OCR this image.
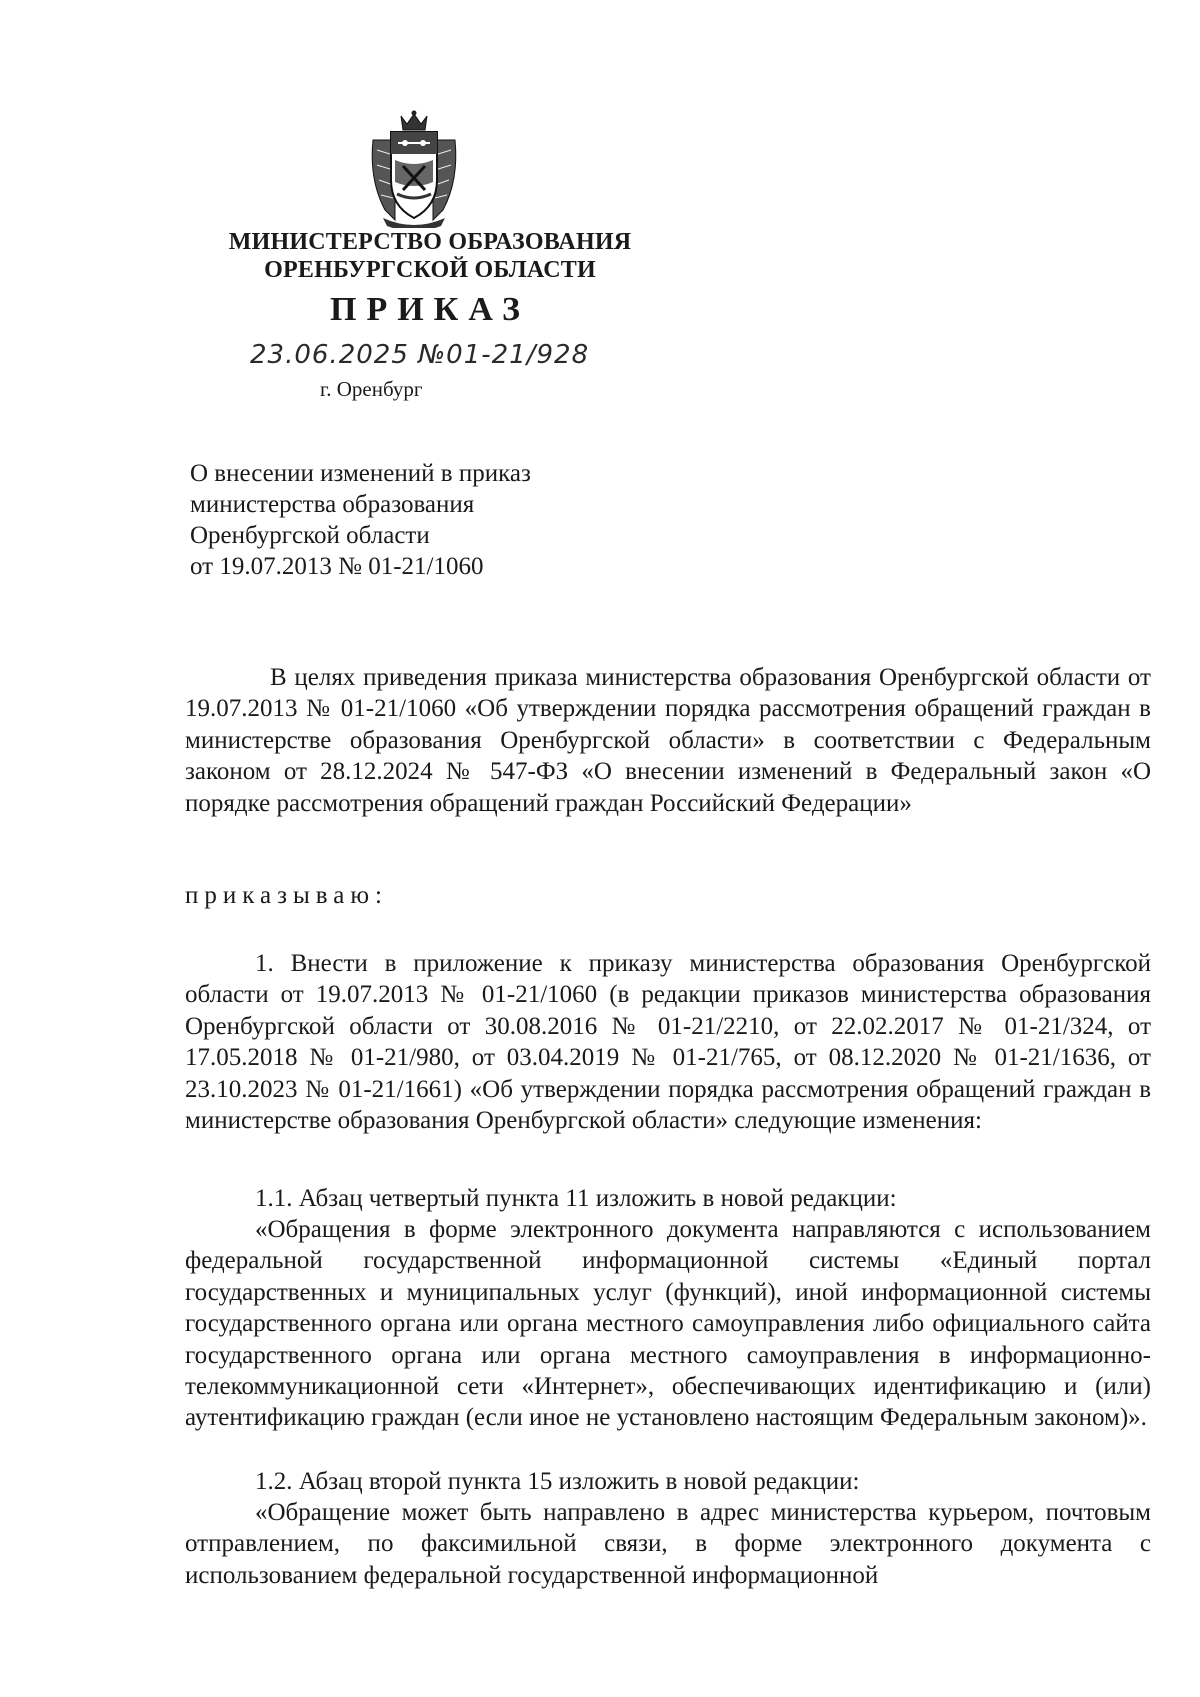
МИНИСТЕРСТВО ОБРАЗОВАНИЯ
ОРЕНБУРГСКОЙ ОБЛАСТИ
ПРИКАЗ
23.06.2025 №01-21/928
г. Оренбург
О внесении изменений в приказ
министерства образования
Оренбургской области
от 19.07.2013 № 01-21/1060
В целях приведения приказа министерства образования Оренбургской области от 19.07.2013 № 01-21/1060 «Об утверждении порядка рассмотрения обращений граждан в министерстве образования Оренбургской области» в соответствии с Федеральным законом от 28.12.2024 № 547-ФЗ «О внесении изменений в Федеральный закон «О порядке рассмотрения обращений граждан Российский Федерации»
приказываю:
1. Внести в приложение к приказу министерства образования Оренбургской области от 19.07.2013 № 01-21/1060 (в редакции приказов министерства образования Оренбургской области от 30.08.2016 № 01-21/2210, от 22.02.2017 № 01-21/324, от 17.05.2018 № 01-21/980, от 03.04.2019 № 01-21/765, от 08.12.2020 № 01-21/1636, от 23.10.2023 № 01-21/1661) «Об утверждении порядка рассмотрения обращений граждан в министерстве образования Оренбургской области» следующие изменения:
1.1. Абзац четвертый пункта 11 изложить в новой редакции:
«Обращения в форме электронного документа направляются с использованием федеральной государственной информационной системы «Единый портал государственных и муниципальных услуг (функций), иной информационной системы государственного органа или органа местного самоуправления либо официального сайта государственного органа или органа местного самоуправления в информационно-телекоммуникационной сети «Интернет», обеспечивающих идентификацию и (или) аутентификацию граждан (если иное не установлено настоящим Федеральным законом)».
1.2. Абзац второй пункта 15 изложить в новой редакции:
«Обращение может быть направлено в адрес министерства курьером, почтовым отправлением, по факсимильной связи, в форме электронного документа с использованием федеральной государственной информационной
